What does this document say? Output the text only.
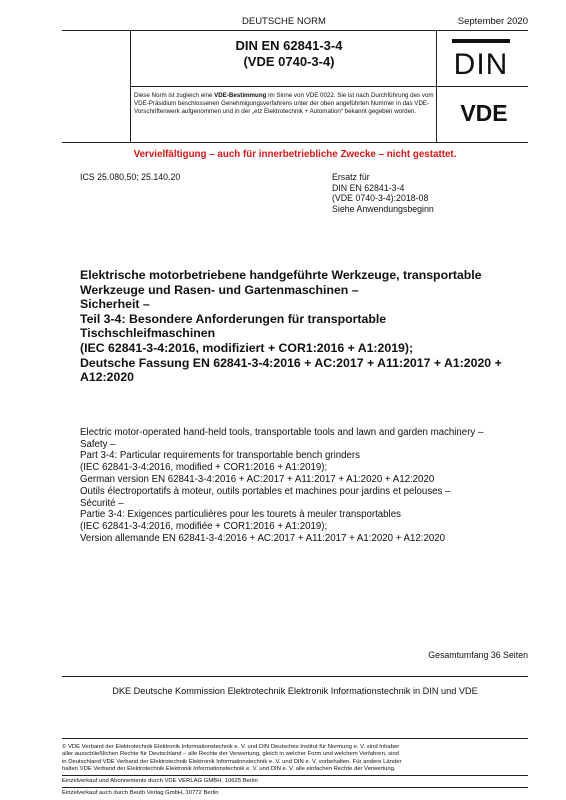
DEUTSCHE NORM	September 2020
DIN EN 62841-3-4
(VDE 0740-3-4)	DIN
Diese Norm ist zugleich eine VDE-Bestimmung im Sinne von VDE 0022. Sie ist nach Durchführung des vom VDE-Präsidium beschlossenen Genehmigungsverfahrens unter der oben angeführten Nummer in das VDE-Vorschriftenwerk aufgenommen und in der „etz Elektrotechnik + Automation“ bekannt gegeben worden.	VDE
Vervielfältigung – auch für innerbetriebliche Zwecke – nicht gestattet.
ICS 25.080.50; 25.140.20	Ersatz für
DIN EN 62841-3-4
(VDE 0740-3-4):2018-08
Siehe Anwendungsbeginn
Elektrische motorbetriebene handgeführte Werkzeuge, transportable
Werkzeuge und Rasen- und Gartenmaschinen –
Sicherheit –
Teil 3-4: Besondere Anforderungen für transportable
Tischschleifmaschinen
(IEC 62841-3-4:2016, modifiziert + COR1:2016 + A1:2019);
Deutsche Fassung EN 62841-3-4:2016 + AC:2017 + A11:2017 + A1:2020 +
A12:2020
Electric motor-operated hand-held tools, transportable tools and lawn and garden machinery –
Safety –
Part 3-4: Particular requirements for transportable bench grinders
(IEC 62841-3-4:2016, modified + COR1:2016 + A1:2019);
German version EN 62841-3-4:2016 + AC:2017 + A11:2017 + A1:2020 + A12:2020
Outils électroportatifs à moteur, outils portables et machines pour jardins et pelouses –
Sécurité –
Partie 3-4: Exigences particulières pour les tourets à meuler transportables
(IEC 62841-3-4:2016, modifiée + COR1:2016 + A1:2019);
Version allemande EN 62841-3-4:2016 + AC:2017 + A11:2017 + A1:2020 + A12:2020
Gesamtumfang 36 Seiten
DKE Deutsche Kommission Elektrotechnik Elektronik Informationstechnik in DIN und VDE
© VDE Verband der Elektrotechnik Elektronik Informationstechnik e. V. und DIN Deutsches Institut für Normung e. V. sind Inhaber
aller ausschließlichen Rechte für Deutschland – alle Rechte der Verwertung, gleich in welcher Form und welchem Verfahren, sind
in Deutschland VDE Verband der Elektrotechnik Elektronik Informationstechnik e. V. und DIN e. V. vorbehalten. Für andere Länder
halten VDE Verband der Elektrotechnik Elektronik Informationstechnik e. V. und DIN e. V. alle einfachen Rechte der Verwertung.
Einzelverkauf und Abonnements durch VDE VERLAG GMBH, 10625 Berlin
Einzelverkauf auch durch Beuth Verlag GmbH, 10772 Berlin
